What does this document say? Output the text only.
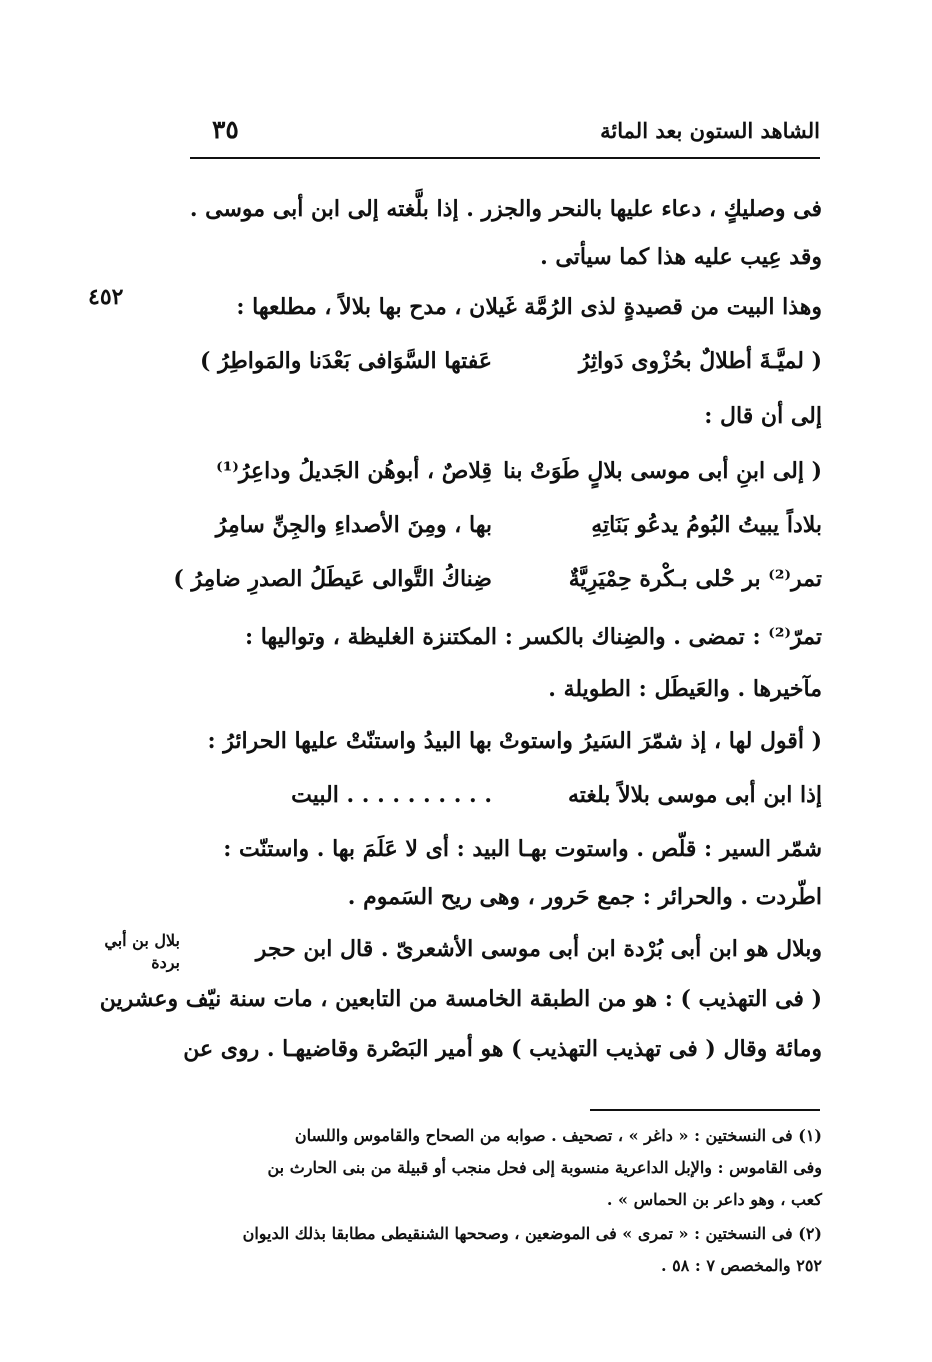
الشاهد الستون بعد المائة
٣٥
٤٥٢
بلال بن أبي بردة
فى وصليكٍ ، دعاء عليها بالنحر والجزر . إذا بلَّغته إلى ابن أبى موسى .
وقد عِيب عليه هذا كما سيأتى .
وهذا البيت من قصيدةٍ لذى الرُمَّة غَيلان ، مدح بها بلالاً ، مطلعها :
( لميَّـةَ أطلالٌ بحُزْوى دَواثِرُ
عَفتها السَّوَافى بَعْدَنا والمَواطِرُ )
إلى أن قال :
( إلى ابنِ أبى موسى بلالٍ طَوَتْ بنا
قِلاصٌ ، أبوهُن الجَديلُ وداعِرُ⁽¹⁾
بلاداً يبيتُ البُومُ يدعُو بَنَاتِهِ
بها ، ومِنَ الأصداءِ والجِنِّ سامِرُ
تمر⁽²⁾ بر حْلى بـكْرة حِمْيَرِيَّةٌ
ضِناكُ التَّوالى عَيطَلُ الصدرِ ضامِرُ )
تمرّ⁽²⁾ : تمضى . والضِناك بالكسر : المكتنزة الغليظة ، وتواليها :
مآخيرها . والعَيطَل : الطويلة .
( أقول لها ، إذ شمّرَ السَيرُ واستوتْ
بها البيدُ واستنّتْ عليها الحرائرُ :
إذا ابن أبى موسى بلالاً بلغته
. . . . . . . . . . البيت
شمّر السير : قلّص . واستوت بهـا البيد : أى لا عَلَمَ بها . واستنّت :
اطّردت . والحرائر : جمع حَرور ، وهى ريح السَموم .
وبلال هو ابن أبى بُرْدة ابن أبى موسى الأشعرىّ . قال ابن حجر
( فى التهذيب ) : هو من الطبقة الخامسة من التابعين ، مات سنة نيّف وعشرين
ومائة وقال ( فى تهذيب التهذيب ) هو أمير البَصْرة وقاضيهـا . روى عن
(١) فى النسختين : « داغر » ، تصحيف . صوابه من الصحاح والقاموس واللسان
وفى القاموس : والإبل الداعرية منسوبة إلى فحل منجب أو قبيلة من بنى الحارث بن
كعب ، وهو داعر بن الحماس » .
(٢) فى النسختين : « تمرى » فى الموضعين ، وصححها الشنقيطى مطابقا بذلك الديوان
٢٥٢ والمخصص ٧ : ٥٨ .
